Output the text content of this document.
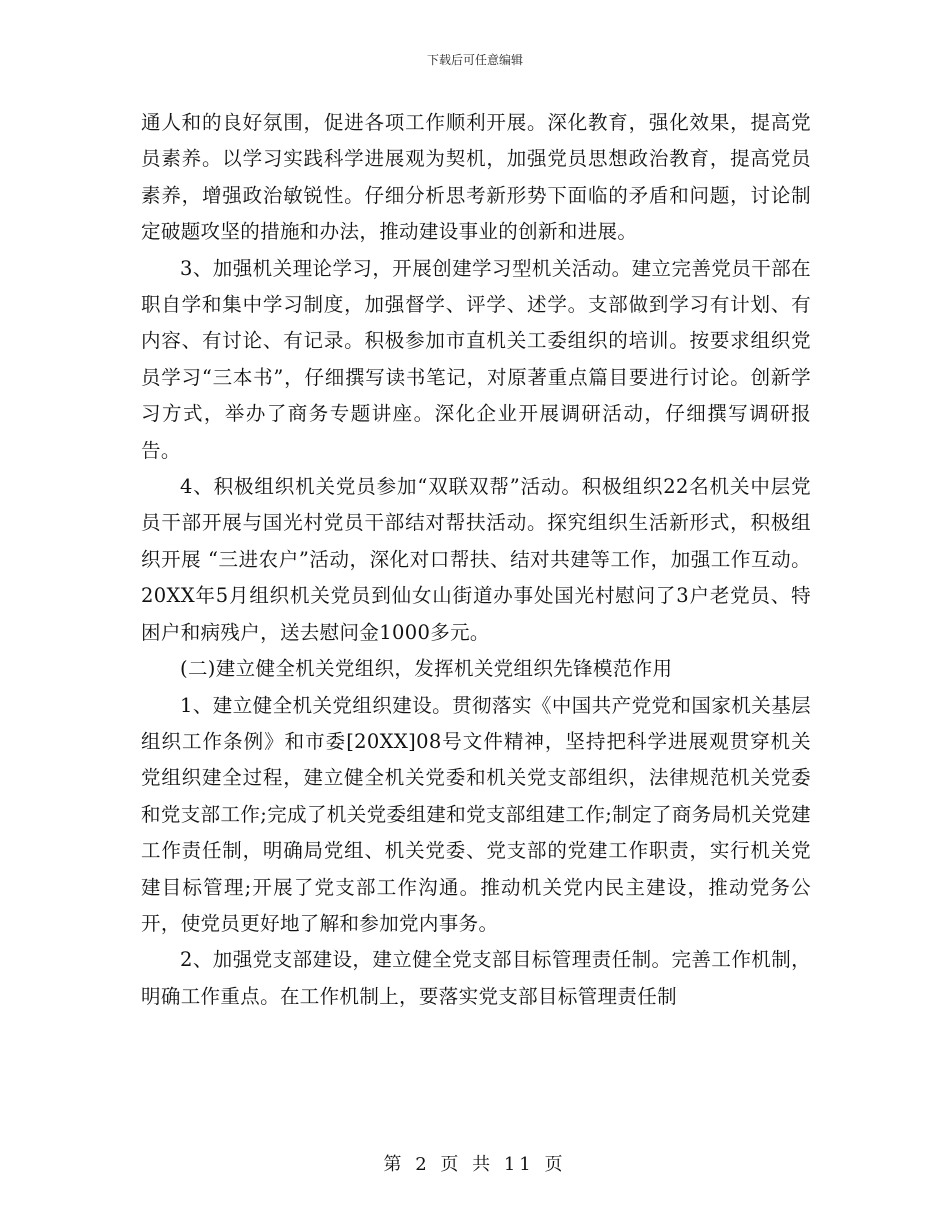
下载后可任意编辑

通人和的良好氛围，促进各项工作顺利开展。深化教育，强化效果，提高党员素养。以学习实践科学进展观为契机，加强党员思想政治教育，提高党员素养，增强政治敏锐性。仔细分析思考新形势下面临的矛盾和问题，讨论制定破题攻坚的措施和办法，推动建设事业的创新和进展。

3、加强机关理论学习，开展创建学习型机关活动。建立完善党员干部在职自学和集中学习制度，加强督学、评学、述学。支部做到学习有计划、有内容、有讨论、有记录。积极参加市直机关工委组织的培训。按要求组织党员学习“三本书”，仔细撰写读书笔记，对原著重点篇目要进行讨论。创新学习方式，举办了商务专题讲座。深化企业开展调研活动，仔细撰写调研报告。

4、积极组织机关党员参加“双联双帮”活动。积极组织22名机关中层党员干部开展与国光村党员干部结对帮扶活动。探究组织生活新形式，积极组织开展 “三进农户”活动，深化对口帮扶、结对共建等工作，加强工作互动。20XX年5月组织机关党员到仙女山街道办事处国光村慰问了3户老党员、特困户和病残户，送去慰问金1000多元。

(二)建立健全机关党组织，发挥机关党组织先锋模范作用

1、建立健全机关党组织建设。贯彻落实《中国共产党党和国家机关基层组织工作条例》和市委[20XX]08号文件精神，坚持把科学进展观贯穿机关党组织建全过程，建立健全机关党委和机关党支部组织，法律规范机关党委和党支部工作;完成了机关党委组建和党支部组建工作;制定了商务局机关党建工作责任制，明确局党组、机关党委、党支部的党建工作职责，实行机关党建目标管理;开展了党支部工作沟通。推动机关党内民主建设，推动党务公开，使党员更好地了解和参加党内事务。

2、加强党支部建设，建立健全党支部目标管理责任制。完善工作机制，明确工作重点。在工作机制上，要落实党支部目标管理责任制

第 2 页 共 11 页
